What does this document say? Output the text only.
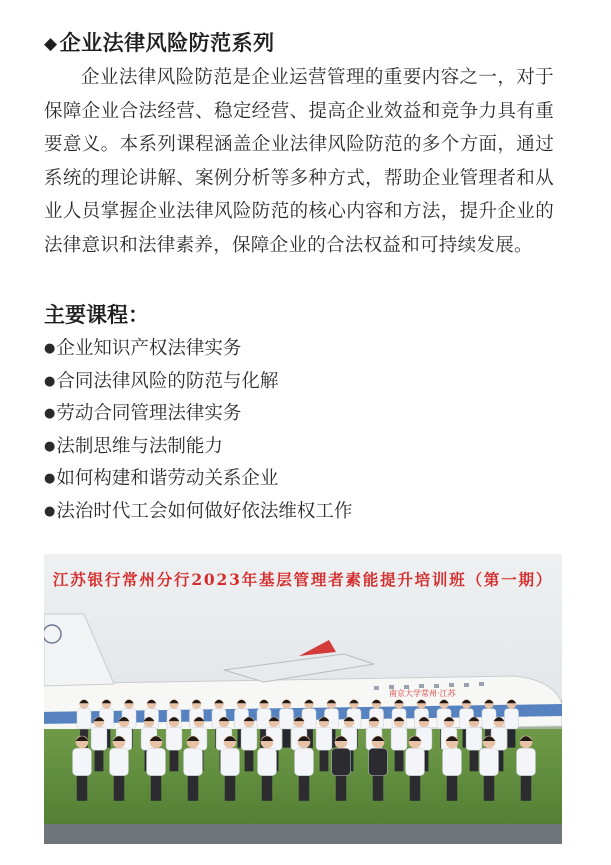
◆企业法律风险防范系列
企业法律风险防范是企业运营管理的重要内容之一，对于保障企业合法经营、稳定经营、提高企业效益和竞争力具有重要意义。本系列课程涵盖企业法律风险防范的多个方面，通过系统的理论讲解、案例分析等多种方式，帮助企业管理者和从业人员掌握企业法律风险防范的核心内容和方法，提升企业的法律意识和法律素养，保障企业的合法权益和可持续发展。
主要课程：
●企业知识产权法律实务
●合同法律风险的防范与化解
●劳动合同管理法律实务
●法制思维与法制能力
●如何构建和谐劳动关系企业
●法治时代工会如何做好依法维权工作
南京大学常州·江苏
江苏银行常州分行2023年基层管理者素能提升培训班（第一期）
